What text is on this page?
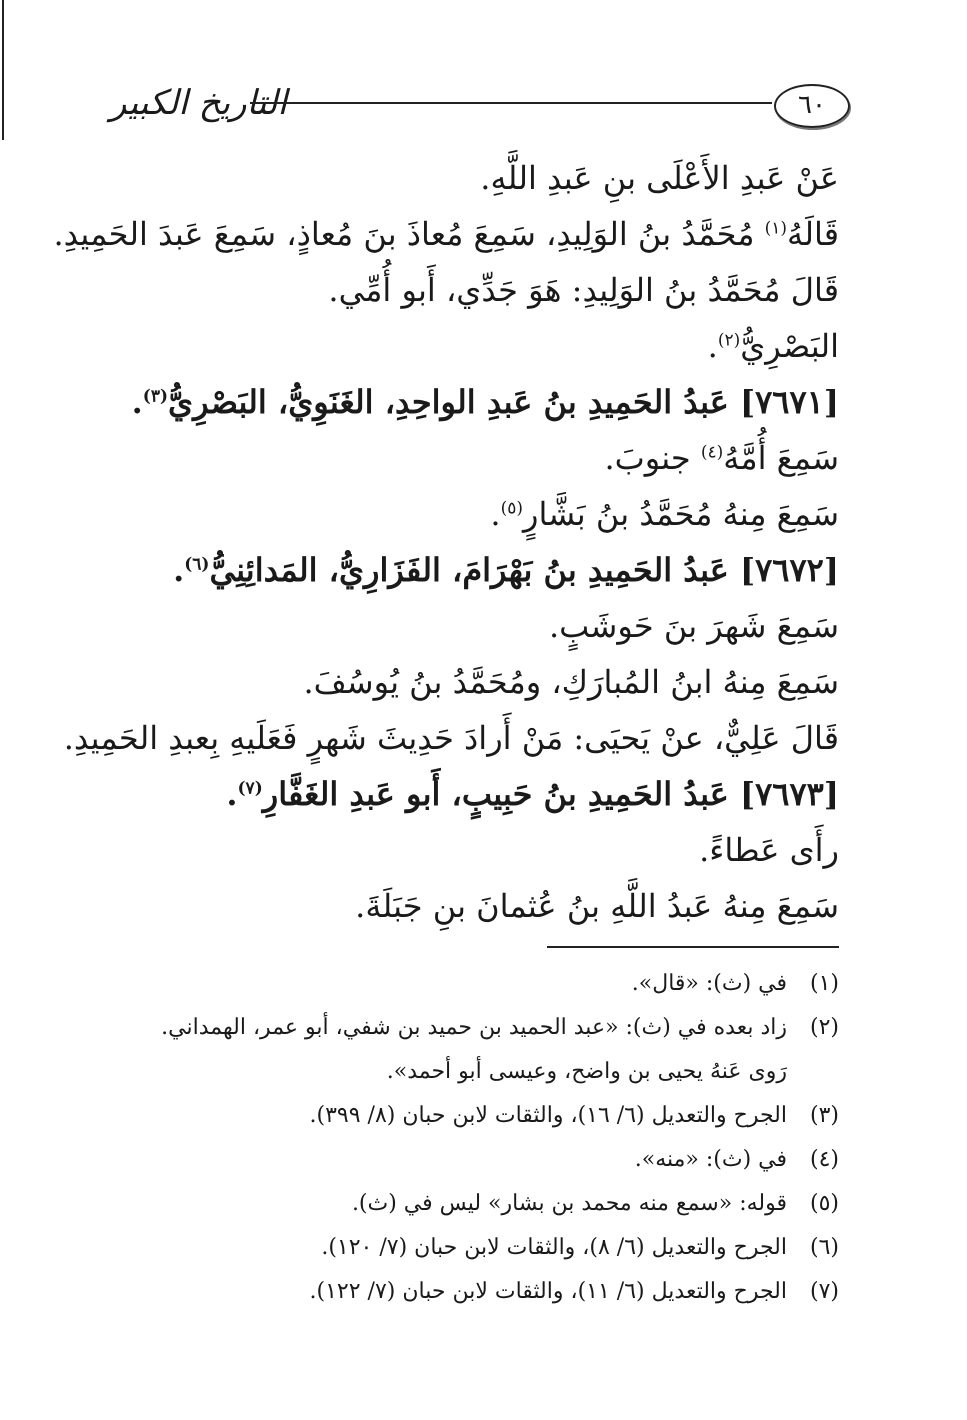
التاريخ الكبير	٦٠
عَنْ عَبدِ الأَعْلَى بنِ عَبدِ اللَّهِ.
قَالَهُ$^{(١)}$ مُحَمَّدُ بنُ الوَلِيدِ، سَمِعَ مُعاذَ بنَ مُعاذٍ، سَمِعَ عَبدَ الحَمِيدِ.
قَالَ مُحَمَّدُ بنُ الوَلِيدِ: هَوَ جَدِّي، أَبو أُمِّي.
البَصْرِيُّ$^{(٢)}$.
[٧٦٧١] عَبدُ الحَمِيدِ بنُ عَبدِ الواحِدِ، الغَنَوِيُّ، البَصْرِيُّ$^{(٣)}$.
سَمِعَ أُمَّهُ$^{(٤)}$ جنوبَ.
سَمِعَ مِنهُ مُحَمَّدُ بنُ بَشَّارٍ$^{(٥)}$.
[٧٦٧٢] عَبدُ الحَمِيدِ بنُ بَهْرَامَ، الفَزَارِيُّ، المَدائِنِيُّ$^{(٦)}$.
سَمِعَ شَهرَ بنَ حَوشَبٍ.
سَمِعَ مِنهُ ابنُ المُبارَكِ، ومُحَمَّدُ بنُ يُوسُفَ.
قَالَ عَلِيٌّ، عنْ يَحيَى: مَنْ أَرادَ حَدِيثَ شَهرٍ فَعَلَيهِ بِعبدِ الحَمِيدِ.
[٧٦٧٣] عَبدُ الحَمِيدِ بنُ حَبِيبٍ، أَبو عَبدِ الغَفَّارِ$^{(٧)}$.
رأَى عَطاءً.
سَمِعَ مِنهُ عَبدُ اللَّهِ بنُ عُثمانَ بنِ جَبَلَةَ.
(١)في (ث): «قال».
(٢)زاد بعده في (ث): «عبد الحميد بن حميد بن شفي، أبو عمر، الهمداني.
رَوى عَنهُ يحيى بن واضح، وعيسى أبو أحمد».
(٣)الجرح والتعديل (٦/ ١٦)، والثقات لابن حبان (٨/ ٣٩٩).
(٤)في (ث): «منه».
(٥)قوله: «سمع منه محمد بن بشار» ليس في (ث).
(٦)الجرح والتعديل (٦/ ٨)، والثقات لابن حبان (٧/ ١٢٠).
(٧)الجرح والتعديل (٦/ ١١)، والثقات لابن حبان (٧/ ١٢٢).
